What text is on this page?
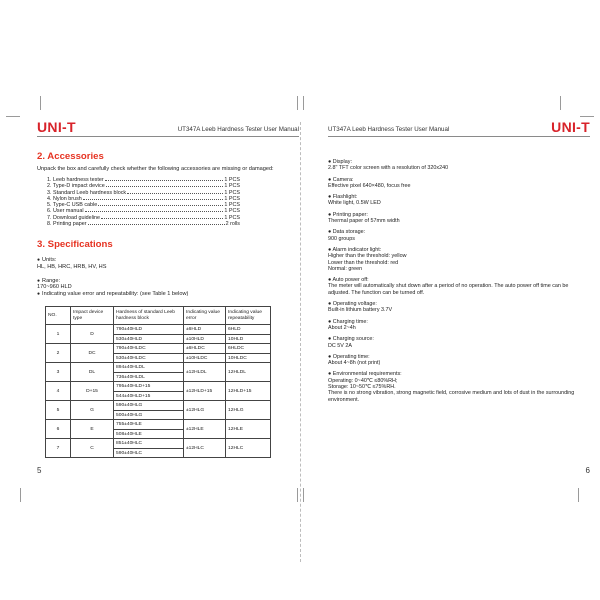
UNI-T	UT347A Leeb Hardness Tester User Manual
2. Accessories
Unpack the box and carefully check whether the following accessories are missing or damaged:
1. Leeb hardness tester	1 PCS
2. Type-D impact device	1 PCS
3. Standard Leeb hardness block	1 PCS
4. Nylon brush	1 PCS
5. Type-C USB cable	1 PCS
6. User manual	1 PCS
7. Download guideline	1 PCS
8. Printing paper	2 rolls
3. Specifications
● Units:
HL, HB, HRC, HRB, HV, HS
● Range:
170~960 HLD
● Indicating value error and repeatability: (see Table 1 below)
NO.	Impact device type	Hardness of standard Leeb hardness block	Indicating value error	Indicating value repeatability
1	D	790±40HLD	±6HLD	6HLD
		530±40HLD	±10HLD	10HLD
2	DC	790±40HLDC	±6HLDC	6HLDC
		530±40HLDC	±10HLDC	10HLDC
3	DL	894±40HLDL	±12HLDL	12HLDL
		736±40HLDL		
4	D+15	795±40HLD+15	±12HLD+15	12HLD+15
		544±40HLD+15		
5	G	590±40HLG	±12HLG	12HLG
		500±40HLG		
6	E	755±40HLE	±12HLE	12HLE
		508±40HLE		
7	C	851±40HLC	±12HLC	12HLC
		590±40HLC		
5
UT347A Leeb Hardness Tester User Manual	UNI-T
● Display:
2.8" TFT color screen with a resolution of 320x240
● Camera:
Effective pixel 640×480, focus free
● Flashlight:
White light, 0.5W LED
● Printing paper:
Thermal paper of 57mm width
● Data storage:
900 groups
● Alarm indicator light:
Higher than the threshold: yellow
Lower than the threshold: red
Normal: green
● Auto power off:
The meter will automatically shut down after a period of no operation. The auto power off time can be adjusted. The function can be turned off.
● Operating voltage:
Built-in lithium battery 3.7V
● Charging time:
About 2~4h
● Charging source:
DC 5V 2A
● Operating time:
About 4~8h (not print)
● Environmental requirements:
Operating: 0~40℃ ≤80%RH;
Storage: 10~50℃ ≤75%RH.
There is no strong vibration, strong magnetic field, corrosive medium and lots of dust in the surrounding environment.
6
